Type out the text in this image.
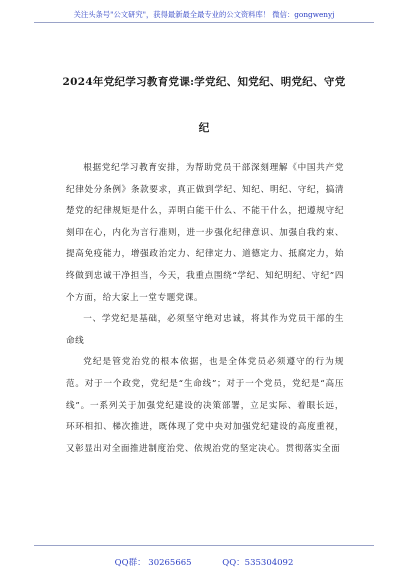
关注头条号"公文研究"，获得最新最全最专业的公文资料库！ 微信：gongwenyj
2024年党纪学习教育党课:学党纪、知党纪、明党纪、守党
纪

根据党纪学习教育安排，为帮助党员干部深刻理解《中国共产党纪律处分条例》条款要求，真正做到学纪、知纪、明纪、守纪，搞清楚党的纪律规矩是什么，弄明白能干什么、不能干什么，把遵规守纪刻印在心，内化为言行准则，进一步强化纪律意识、加强自我约束、提高免疫能力，增强政治定力、纪律定力、道德定力、抵腐定力，始终做到忠诚干净担当，今天，我重点围绕“学纪、知纪明纪、守纪”四个方面，给大家上一堂专题党课。

一、学党纪是基础，必须坚守绝对忠诚，将其作为党员干部的生命线

党纪是管党治党的根本依据，也是全体党员必须遵守的行为规范。对于一个政党，党纪是“生命线”；对于一个党员，党纪是“高压线”。一系列关于加强党纪建设的决策部署，立足实际、着眼长远，环环相扣、梯次推进，既体现了党中央对加强党纪建设的高度重视，又彰显出对全面推进制度治党、依规治党的坚定决心。贯彻落实全面

QQ群： 30265665	QQ：535304092
